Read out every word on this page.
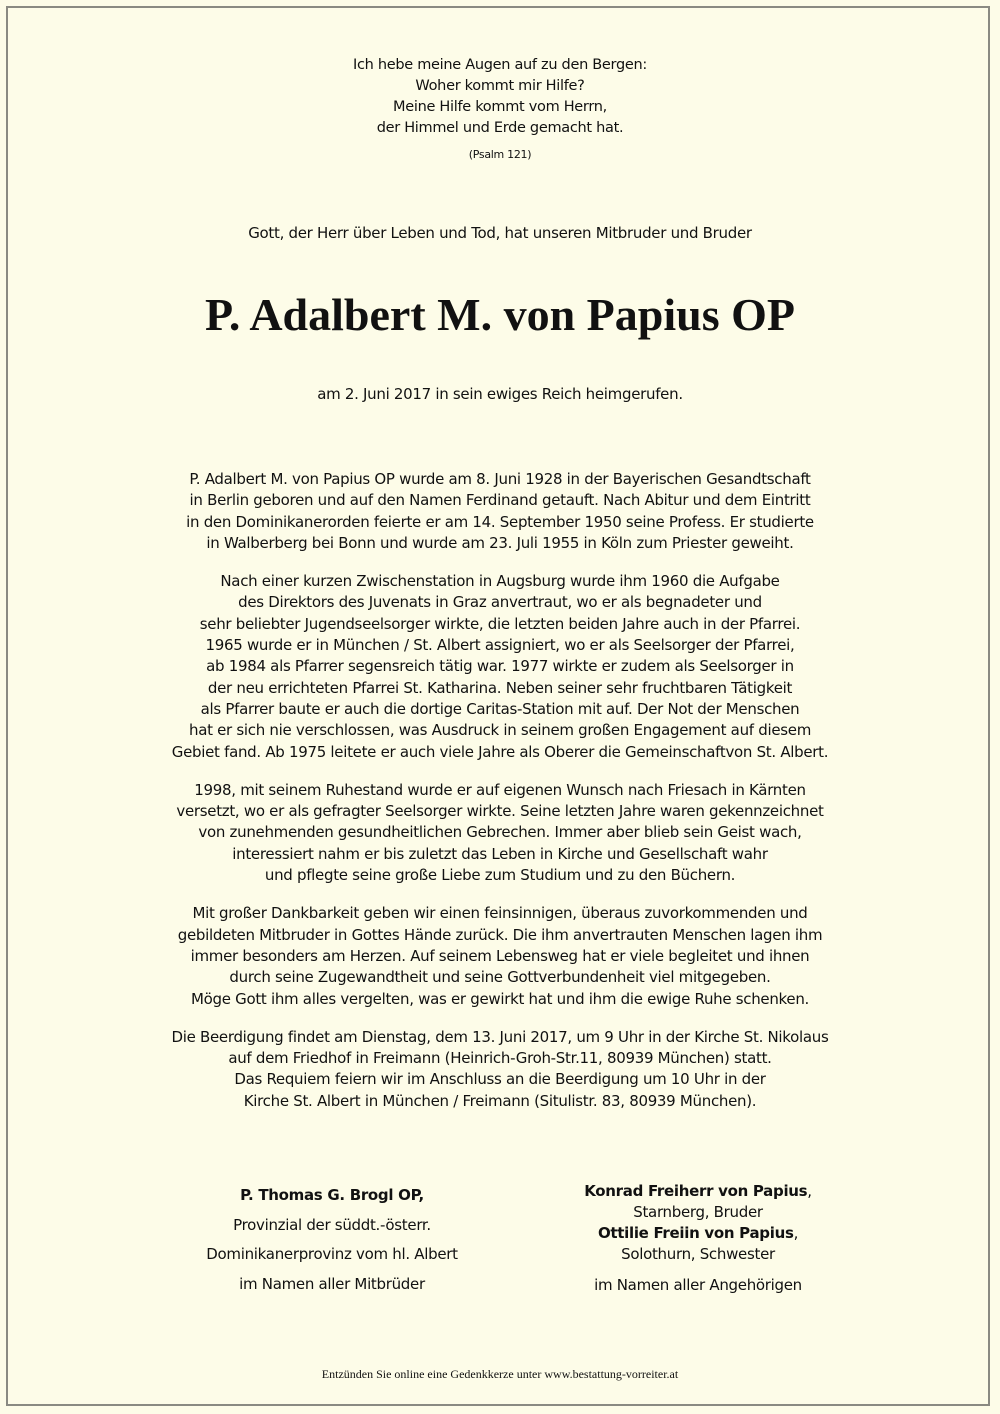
Ich hebe meine Augen auf zu den Bergen:
Woher kommt mir Hilfe?
Meine Hilfe kommt vom Herrn,
der Himmel und Erde gemacht hat.
(Psalm 121)
Gott, der Herr über Leben und Tod, hat unseren Mitbruder und Bruder
P. Adalbert M. von Papius OP
am 2. Juni 2017 in sein ewiges Reich heimgerufen.

P. Adalbert M. von Papius OP wurde am 8. Juni 1928 in der Bayerischen Gesandtschaft
in Berlin geboren und auf den Namen Ferdinand getauft. Nach Abitur und dem Eintritt
in den Dominikanerorden feierte er am 14. September 1950 seine Profess. Er studierte
in Walberberg bei Bonn und wurde am 23. Juli 1955 in Köln zum Priester geweiht.

Nach einer kurzen Zwischenstation in Augsburg wurde ihm 1960 die Aufgabe
des Direktors des Juvenats in Graz anvertraut, wo er als begnadeter und
sehr beliebter Jugendseelsorger wirkte, die letzten beiden Jahre auch in der Pfarrei.
1965 wurde er in München / St. Albert assigniert, wo er als Seelsorger der Pfarrei,
ab 1984 als Pfarrer segensreich tätig war. 1977 wirkte er zudem als Seelsorger in
der neu errichteten Pfarrei St. Katharina. Neben seiner sehr fruchtbaren Tätigkeit
als Pfarrer baute er auch die dortige Caritas-Station mit auf. Der Not der Menschen
hat er sich nie verschlossen, was Ausdruck in seinem großen Engagement auf diesem
Gebiet fand. Ab 1975 leitete er auch viele Jahre als Oberer die Gemeinschaftvon St. Albert.

1998, mit seinem Ruhestand wurde er auf eigenen Wunsch nach Friesach in Kärnten
versetzt, wo er als gefragter Seelsorger wirkte. Seine letzten Jahre waren gekennzeichnet
von zunehmenden gesundheitlichen Gebrechen. Immer aber blieb sein Geist wach,
interessiert nahm er bis zuletzt das Leben in Kirche und Gesellschaft wahr
und pflegte seine große Liebe zum Studium und zu den Büchern.

Mit großer Dankbarkeit geben wir einen feinsinnigen, überaus zuvorkommenden und
gebildeten Mitbruder in Gottes Hände zurück. Die ihm anvertrauten Menschen lagen ihm
immer besonders am Herzen. Auf seinem Lebensweg hat er viele begleitet und ihnen
durch seine Zugewandtheit und seine Gottverbundenheit viel mitgegeben.
Möge Gott ihm alles vergelten, was er gewirkt hat und ihm die ewige Ruhe schenken.

Die Beerdigung findet am Dienstag, dem 13. Juni 2017, um 9 Uhr in der Kirche St. Nikolaus
auf dem Friedhof in Freimann (Heinrich-Groh-Str.11, 80939 München) statt.
Das Requiem feiern wir im Anschluss an die Beerdigung um 10 Uhr in der
Kirche St. Albert in München / Freimann (Situlistr. 83, 80939 München).

P. Thomas G. Brogl OP,
Provinzial der süddt.-österr.
Dominikanerprovinz vom hl. Albert
im Namen aller Mitbrüder
Konrad Freiherr von Papius,
Starnberg, Bruder
Ottilie Freiin von Papius,
Solothurn, Schwester
im Namen aller Angehörigen
Entzünden Sie online eine Gedenkkerze unter www.bestattung-vorreiter.at
